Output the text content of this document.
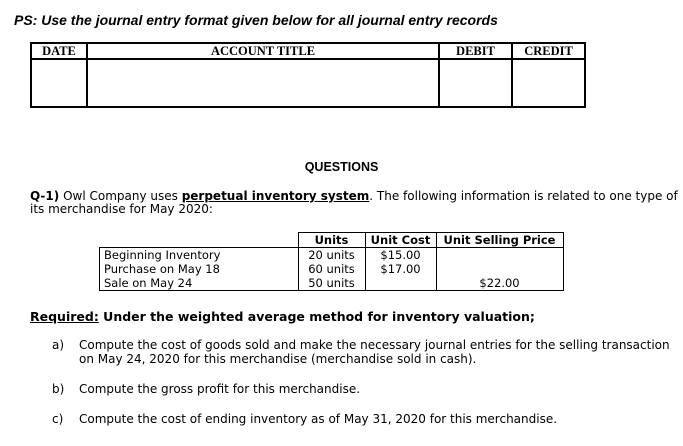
PS: Use the journal entry format given below for all journal entry records
DATE	ACCOUNT TITLE	DEBIT	CREDIT

QUESTIONS
Q-1) Owl Company uses perpetual inventory system. The following information is related to one type of its merchandise for May 2020:
	Units	Unit Cost	Unit Selling Price
Beginning Inventory	20 units	$15.00	
Purchase on May 18	60 units	$17.00	
Sale on May 24	50 units		$22.00
Required: Under the weighted average method for inventory valuation;
a) Compute the cost of goods sold and make the necessary journal entries for the selling transaction on May 24, 2020 for this merchandise (merchandise sold in cash).
b) Compute the gross profit for this merchandise.
c) Compute the cost of ending inventory as of May 31, 2020 for this merchandise.
